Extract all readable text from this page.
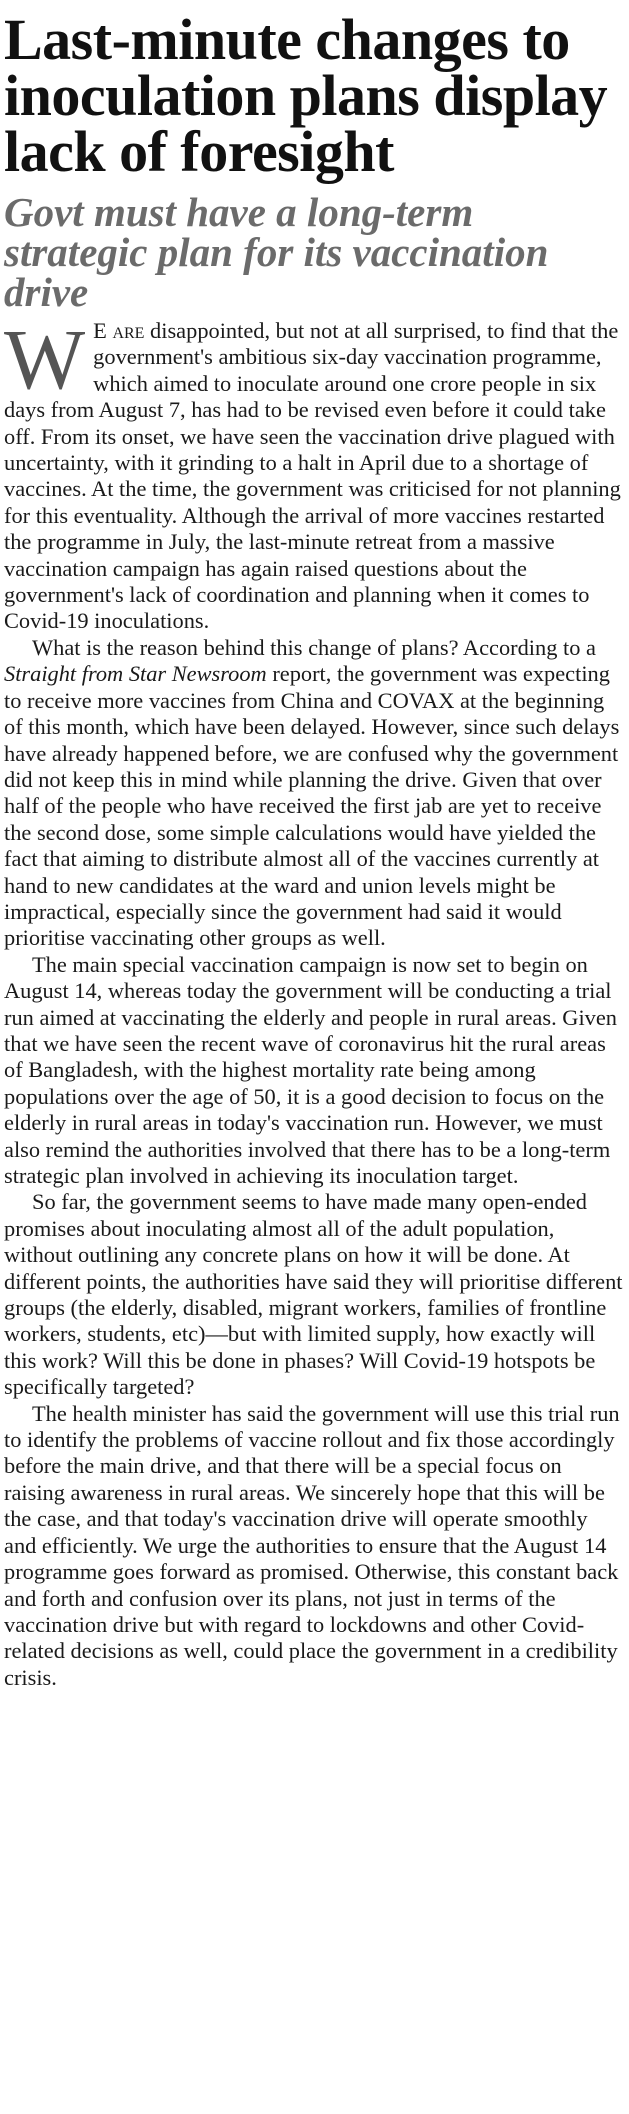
Last-minute changes to inoculation plans display lack of foresight
Govt must have a long-term strategic plan for its vaccination drive

W E are disappointed, but not at all surprised, to find that the government's ambitious six-day vaccination programme, which aimed to inoculate around one crore people in six days from August 7, has had to be revised even before it could take off. From its onset, we have seen the vaccination drive plagued with uncertainty, with it grinding to a halt in April due to a shortage of vaccines. At the time, the government was criticised for not planning for this eventuality. Although the arrival of more vaccines restarted the programme in July, the last-minute retreat from a massive vaccination campaign has again raised questions about the government's lack of coordination and planning when it comes to Covid-19 inoculations.

What is the reason behind this change of plans? According to a Straight from Star Newsroom report, the government was expecting to receive more vaccines from China and COVAX at the beginning of this month, which have been delayed. However, since such delays have already happened before, we are confused why the government did not keep this in mind while planning the drive. Given that over half of the people who have received the first jab are yet to receive the second dose, some simple calculations would have yielded the fact that aiming to distribute almost all of the vaccines currently at hand to new candidates at the ward and union levels might be impractical, especially since the government had said it would prioritise vaccinating other groups as well.

The main special vaccination campaign is now set to begin on August 14, whereas today the government will be conducting a trial run aimed at vaccinating the elderly and people in rural areas. Given that we have seen the recent wave of coronavirus hit the rural areas of Bangladesh, with the highest mortality rate being among populations over the age of 50, it is a good decision to focus on the elderly in rural areas in today's vaccination run. However, we must also remind the authorities involved that there has to be a long-term strategic plan involved in achieving its inoculation target.

So far, the government seems to have made many open-ended promises about inoculating almost all of the adult population, without outlining any concrete plans on how it will be done. At different points, the authorities have said they will prioritise different groups (the elderly, disabled, migrant workers, families of frontline workers, students, etc)—but with limited supply, how exactly will this work? Will this be done in phases? Will Covid-19 hotspots be specifically targeted?

The health minister has said the government will use this trial run to identify the problems of vaccine rollout and fix those accordingly before the main drive, and that there will be a special focus on raising awareness in rural areas. We sincerely hope that this will be the case, and that today's vaccination drive will operate smoothly and efficiently. We urge the authorities to ensure that the August 14 programme goes forward as promised. Otherwise, this constant back and forth and confusion over its plans, not just in terms of the vaccination drive but with regard to lockdowns and other Covid-related decisions as well, could place the government in a credibility crisis.
